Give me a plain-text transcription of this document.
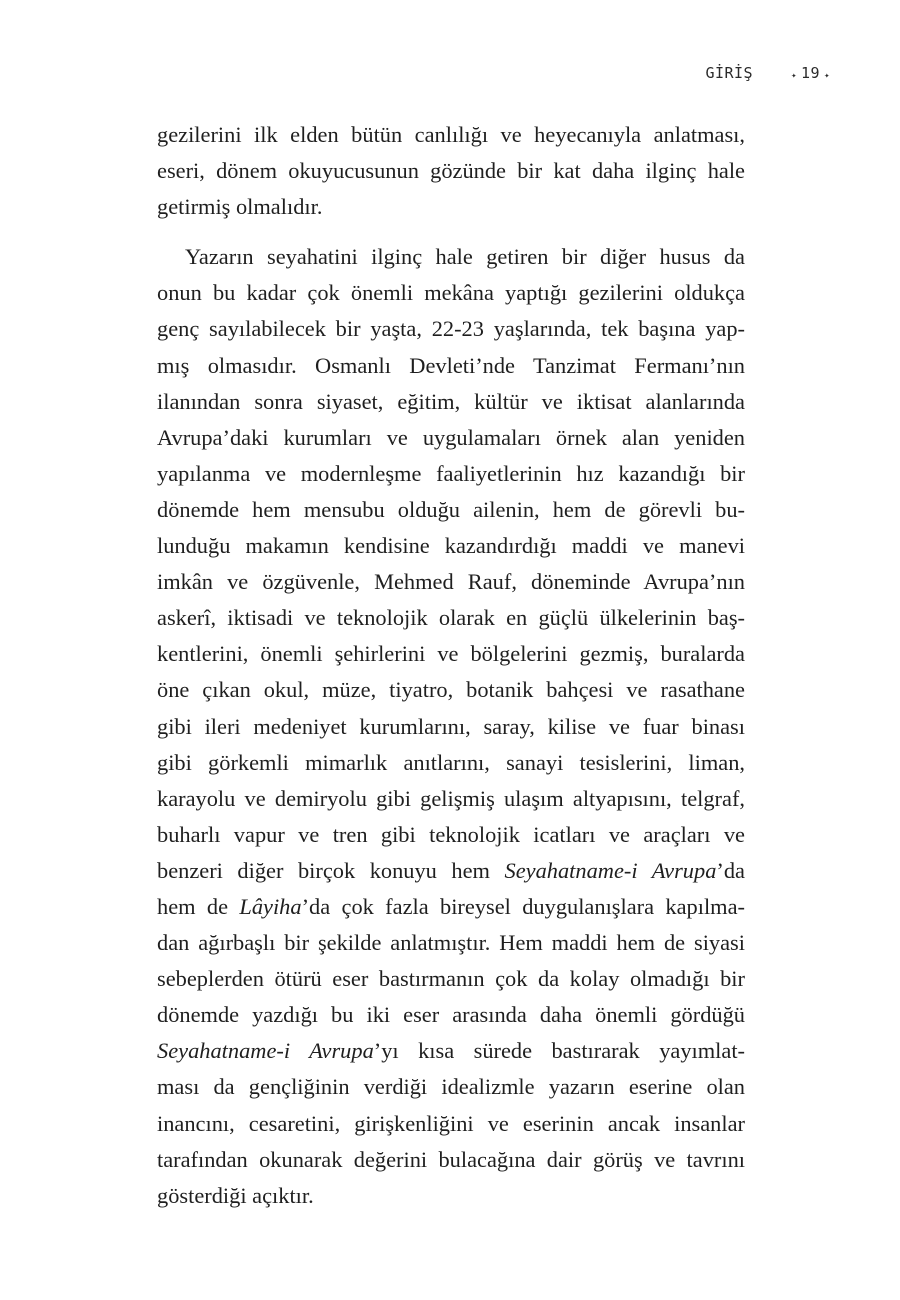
GİRİŞ	✦ 19 ✦
gezilerini ilk elden bütün canlılığı ve heyecanıyla anlatması,
eseri, dönem okuyucusunun gözünde bir kat daha ilginç hale
getirmiş olmalıdır.
Yazarın seyahatini ilginç hale getiren bir diğer husus da
onun bu kadar çok önemli mekâna yaptığı gezilerini oldukça
genç sayılabilecek bir yaşta, 22-23 yaşlarında, tek başına yap-
mış olmasıdır. Osmanlı Devleti’nde Tanzimat Fermanı’nın
ilanından sonra siyaset, eğitim, kültür ve iktisat alanlarında
Avrupa’daki kurumları ve uygulamaları örnek alan yeniden
yapılanma ve modernleşme faaliyetlerinin hız kazandığı bir
dönemde hem mensubu olduğu ailenin, hem de görevli bu-
lunduğu makamın kendisine kazandırdığı maddi ve manevi
imkân ve özgüvenle, Mehmed Rauf, döneminde Avrupa’nın
askerî, iktisadi ve teknolojik olarak en güçlü ülkelerinin baş-
kentlerini, önemli şehirlerini ve bölgelerini gezmiş, buralarda
öne çıkan okul, müze, tiyatro, botanik bahçesi ve rasathane
gibi ileri medeniyet kurumlarını, saray, kilise ve fuar binası
gibi görkemli mimarlık anıtlarını, sanayi tesislerini, liman,
karayolu ve demiryolu gibi gelişmiş ulaşım altyapısını, telgraf,
buharlı vapur ve tren gibi teknolojik icatları ve araçları ve
benzeri diğer birçok konuyu hem Seyahatname-i Avrupa’da
hem de Lâyiha’da çok fazla bireysel duygulanışlara kapılma-
dan ağırbaşlı bir şekilde anlatmıştır. Hem maddi hem de siyasi
sebeplerden ötürü eser bastırmanın çok da kolay olmadığı bir
dönemde yazdığı bu iki eser arasında daha önemli gördüğü
Seyahatname-i Avrupa’yı kısa sürede bastırarak yayımlat-
ması da gençliğinin verdiği idealizmle yazarın eserine olan
inancını, cesaretini, girişkenliğini ve eserinin ancak insanlar
tarafından okunarak değerini bulacağına dair görüş ve tavrını
gösterdiği açıktır.
